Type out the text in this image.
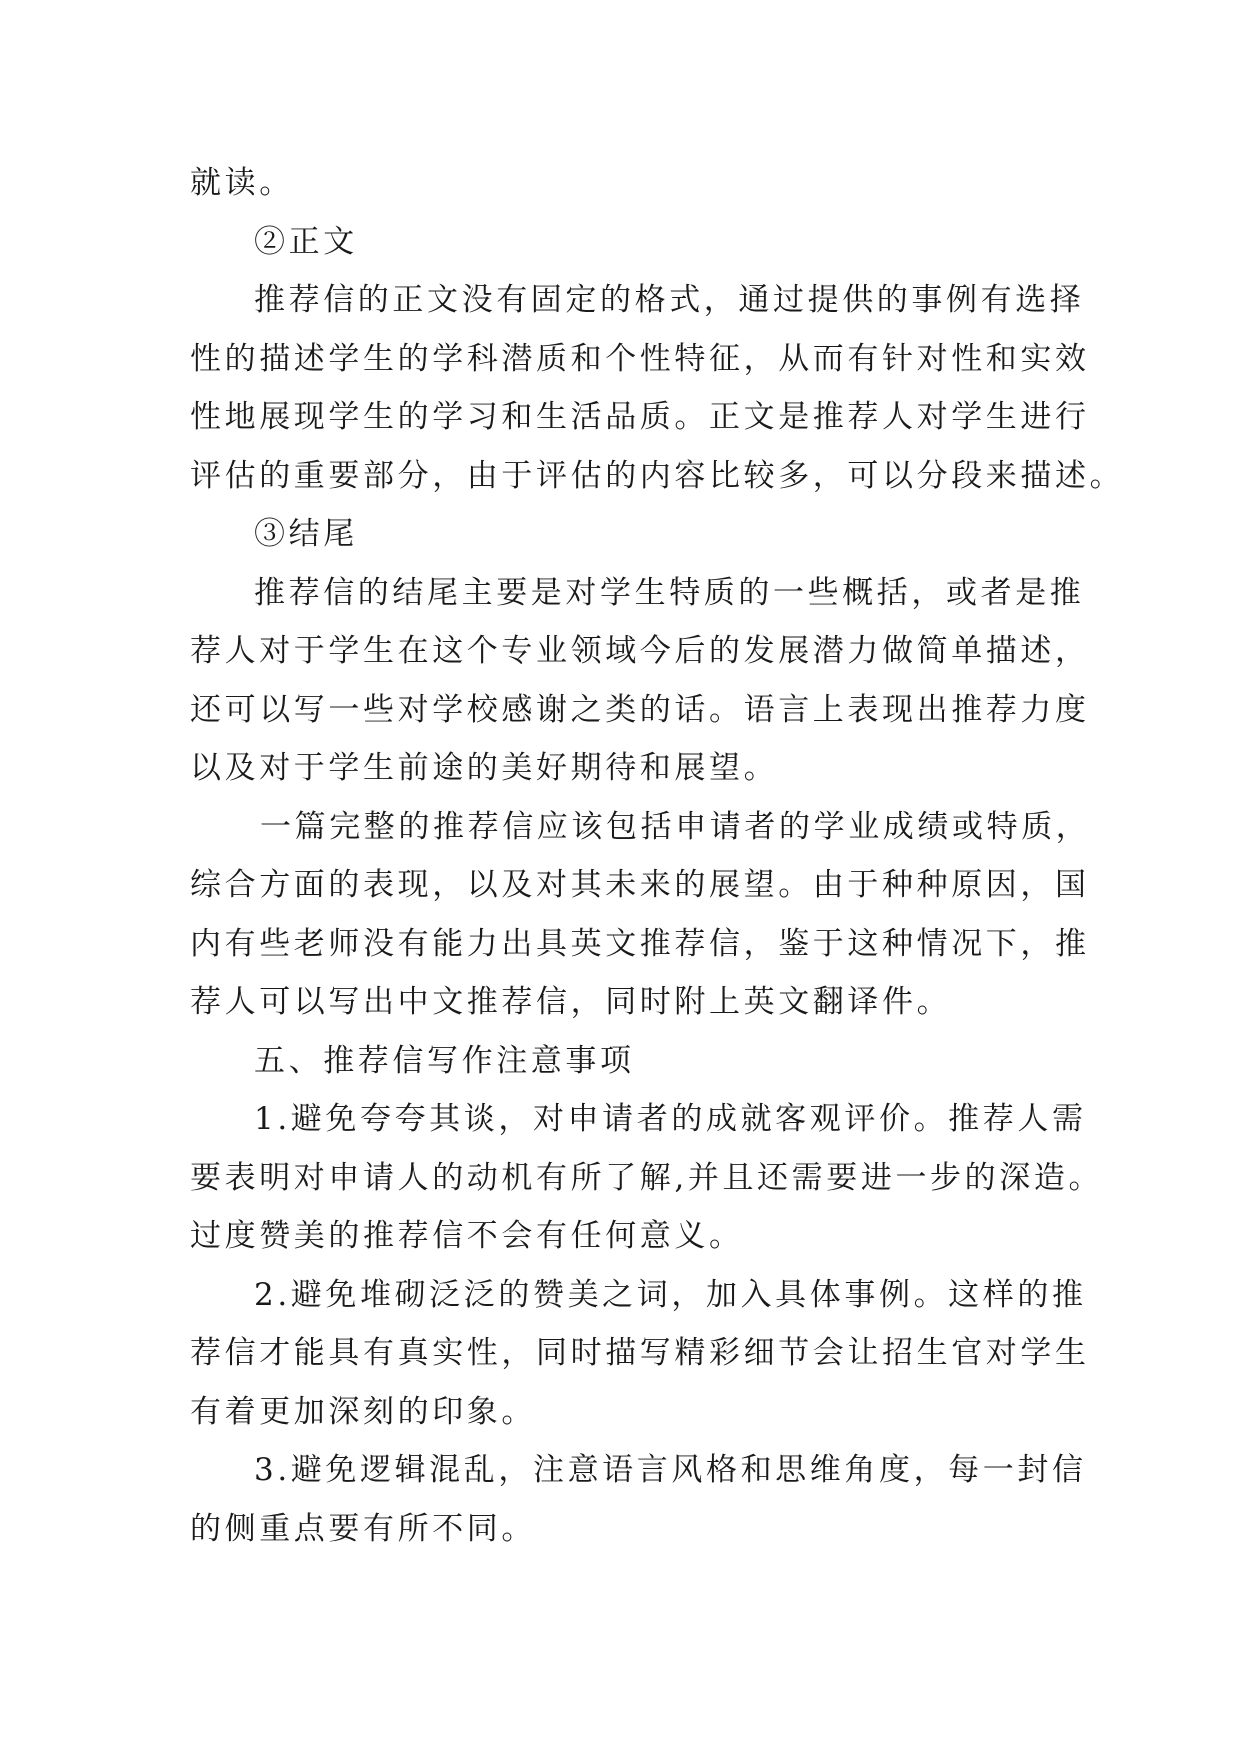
就读。
②正文
推荐信的正文没有固定的格式，通过提供的事例有选择
性的描述学生的学科潜质和个性特征，从而有针对性和实效
性地展现学生的学习和生活品质。正文是推荐人对学生进行
评估的重要部分，由于评估的内容比较多，可以分段来描述。
③结尾
推荐信的结尾主要是对学生特质的一些概括，或者是推
荐人对于学生在这个专业领域今后的发展潜力做简单描述，
还可以写一些对学校感谢之类的话。语言上表现出推荐力度
以及对于学生前途的美好期待和展望。
一篇完整的推荐信应该包括申请者的学业成绩或特质，
综合方面的表现，以及对其未来的展望。由于种种原因，国
内有些老师没有能力出具英文推荐信，鉴于这种情况下，推
荐人可以写出中文推荐信，同时附上英文翻译件。
五、推荐信写作注意事项
1.避免夸夸其谈，对申请者的成就客观评价。推荐人需
要表明对申请人的动机有所了解,并且还需要进一步的深造。
过度赞美的推荐信不会有任何意义。
2.避免堆砌泛泛的赞美之词，加入具体事例。这样的推
荐信才能具有真实性，同时描写精彩细节会让招生官对学生
有着更加深刻的印象。
3.避免逻辑混乱，注意语言风格和思维角度，每一封信
的侧重点要有所不同。
